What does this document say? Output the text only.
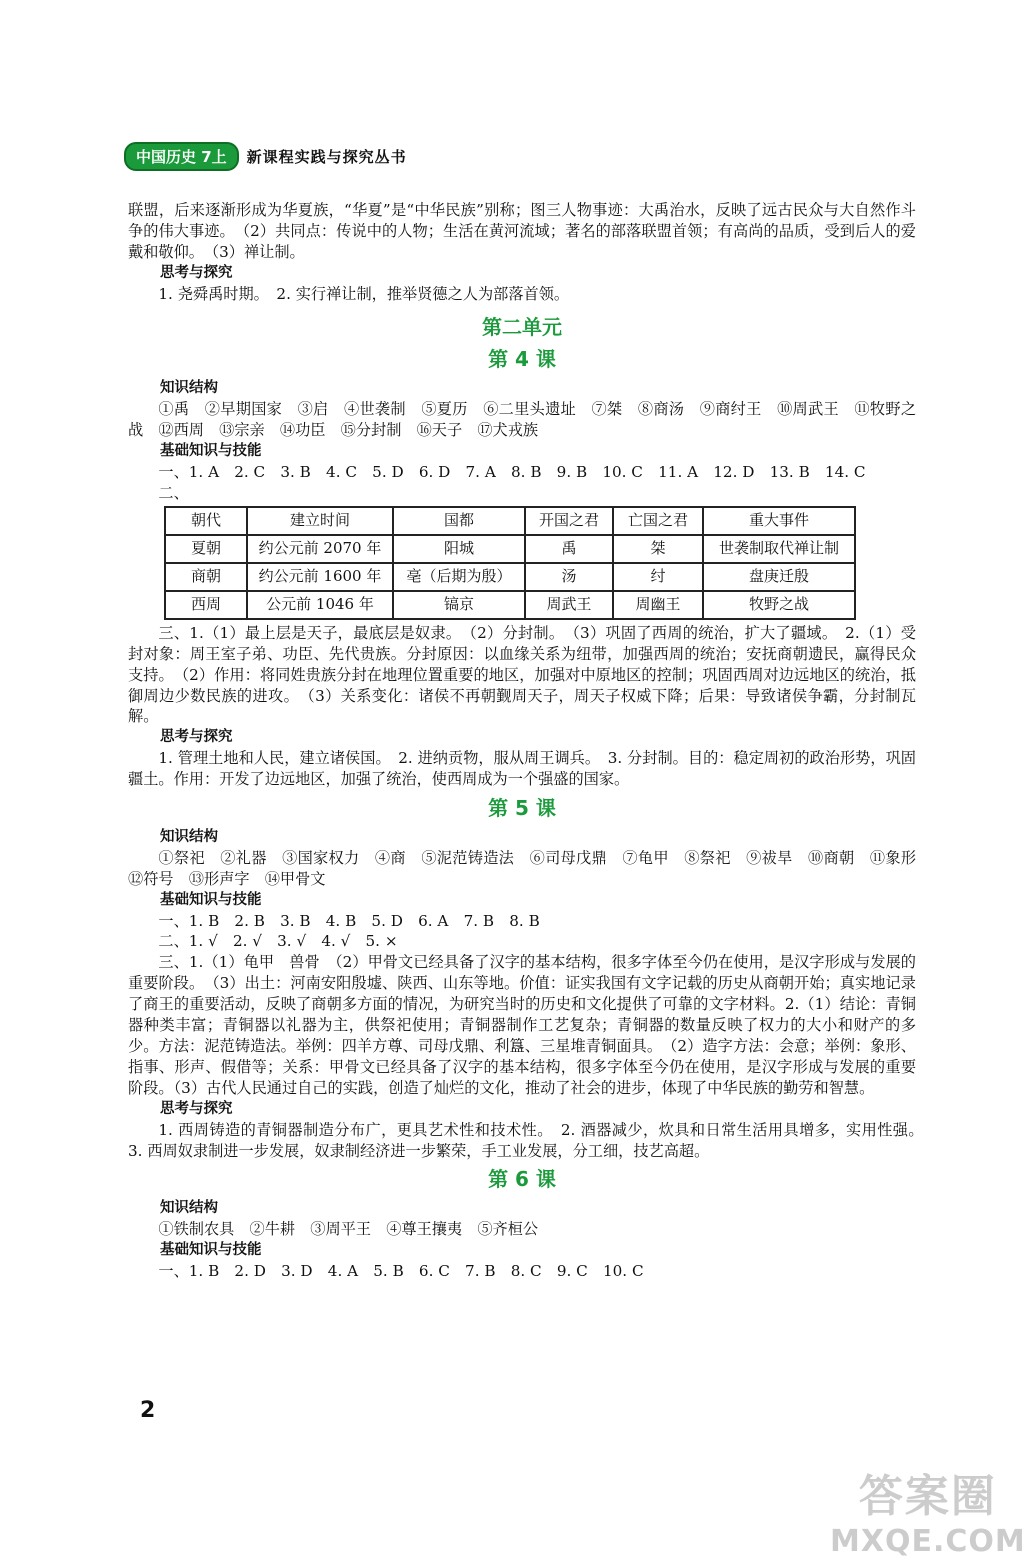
中国历史 7上	新课程实践与探究丛书

联盟，后来逐渐形成为华夏族，“华夏”是“中华民族”别称；图三人物事迹：大禹治水，反映了远古民众与大自然作斗争的伟大事迹。　（2）共同点：传说中的人物；生活在黄河流域；著名的部落联盟首领；有高尚的品质，受到后人的爱戴和敬仰。　（3）禅让制。

思考与探究

1. 尧舜禹时期。　2. 实行禅让制，推举贤德之人为部落首领。

第二单元
第 4 课

知识结构

①禹　②早期国家　③启　④世袭制　⑤夏历　⑥二里头遗址　⑦桀　⑧商汤　⑨商纣王　⑩周武王　⑪牧野之战　⑫西周　⑬宗亲　⑭功臣　⑮分封制　⑯天子　⑰犬戎族

基础知识与技能

一、1. A　2. C　3. B　4. C　5. D　6. D　7. A　8. B　9. B　10. C　11. A　12. D　13. B　14. C

二、

朝代	建立时间	国都	开国之君	亡国之君	重大事件
夏朝	约公元前 2070 年	阳城	禹	桀	世袭制取代禅让制
商朝	约公元前 1600 年	亳（后期为殷）	汤	纣	盘庚迁殷
西周	公元前 1046 年	镐京	周武王	周幽王	牧野之战

三、1.（1）最上层是天子，最底层是奴隶。　（2）分封制。　（3）巩固了西周的统治，扩大了疆域。　2.（1）受封对象：周王室子弟、功臣、先代贵族。分封原因：以血缘关系为纽带，加强西周的统治；安抚商朝遗民，赢得民众支持。　（2）作用：将同姓贵族分封在地理位置重要的地区，加强对中原地区的控制；巩固西周对边远地区的统治，抵御周边少数民族的进攻。　（3）关系变化：诸侯不再朝觐周天子，周天子权威下降；后果：导致诸侯争霸，分封制瓦解。

思考与探究

1. 管理土地和人民，建立诸侯国。　2. 进纳贡物，服从周王调兵。　3. 分封制。目的：稳定周初的政治形势，巩固疆土。作用：开发了边远地区，加强了统治，使西周成为一个强盛的国家。

第 5 课

知识结构

①祭祀　②礼器　③国家权力　④商　⑤泥范铸造法　⑥司母戊鼎　⑦龟甲　⑧祭祀　⑨祓旱　⑩商朝　⑪象形　⑫符号　⑬形声字　⑭甲骨文

基础知识与技能

一、1. B　2. B　3. B　4. B　5. D　6. A　7. B　8. B

二、1. √　2. √　3. √　4. √　5. ×

三、1.（1）龟甲　兽骨　（2）甲骨文已经具备了汉字的基本结构，很多字体至今仍在使用，是汉字形成与发展的重要阶段。　（3）出土：河南安阳殷墟、陕西、山东等地。价值：证实我国有文字记载的历史从商朝开始；真实地记录了商王的重要活动，反映了商朝多方面的情况，为研究当时的历史和文化提供了可靠的文字材料。2.（1）结论：青铜器种类丰富；青铜器以礼器为主，供祭祀使用；青铜器制作工艺复杂；青铜器的数量反映了权力的大小和财产的多少。方法：泥范铸造法。举例：四羊方尊、司母戊鼎、利簋、三星堆青铜面具。　（2）造字方法：会意；举例：象形、指事、形声、假借等；关系：甲骨文已经具备了汉字的基本结构，很多字体至今仍在使用，是汉字形成与发展的重要阶段。（3）古代人民通过自己的实践，创造了灿烂的文化，推动了社会的进步，体现了中华民族的勤劳和智慧。

思考与探究

1. 西周铸造的青铜器制造分布广，更具艺术性和技术性。　2. 酒器减少，炊具和日常生活用具增多，实用性强。　3. 西周奴隶制进一步发展，奴隶制经济进一步繁荣，手工业发展，分工细，技艺高超。

第 6 课

知识结构

①铁制农具　②牛耕　③周平王　④尊王攘夷　⑤齐桓公

基础知识与技能

一、1. B　2. D　3. D　4. A　5. B　6. C　7. B　8. C　9. C　10. C

2
答案圈
MXQE.COM
